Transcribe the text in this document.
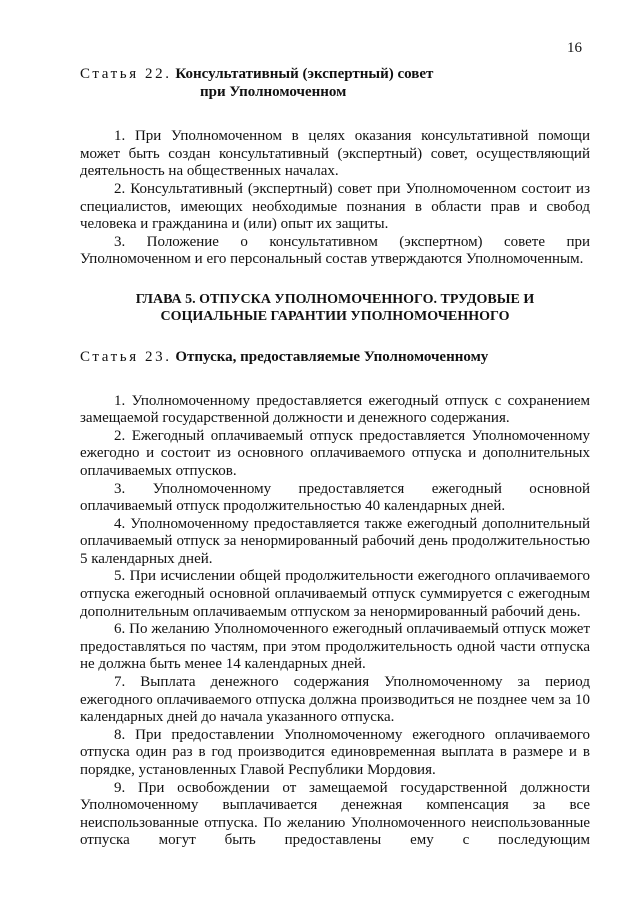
16

Статья 22. Консультативный (экспертный) совет
при Уполномоченном

1. При Уполномоченном в целях оказания консультативной помощи может быть создан консультативный (экспертный) совет, осуществляющий деятельность на общественных началах.

2. Консультативный (экспертный) совет при Уполномоченном состоит из специалистов, имеющих необходимые познания в области прав и свобод человека и гражданина и (или) опыт их защиты.

3. Положение о консультативном (экспертном) совете при Уполномоченном и его персональный состав утверждаются Уполномоченным.

ГЛАВА 5. ОТПУСКА УПОЛНОМОЧЕННОГО. ТРУДОВЫЕ И

СОЦИАЛЬНЫЕ ГАРАНТИИ УПОЛНОМОЧЕННОГО

Статья 23. Отпуска, предоставляемые Уполномоченному

1. Уполномоченному предоставляется ежегодный отпуск с сохранением замещаемой государственной должности и денежного содержания.

2. Ежегодный оплачиваемый отпуск предоставляется Уполномоченному ежегодно и состоит из основного оплачиваемого отпуска и дополнительных оплачиваемых отпусков.

3. Уполномоченному предоставляется ежегодный основной оплачиваемый отпуск продолжительностью 40 календарных дней.

4. Уполномоченному предоставляется также ежегодный дополнительный оплачиваемый отпуск за ненормированный рабочий день продолжительностью 5 календарных дней.

5. При исчислении общей продолжительности ежегодного оплачиваемого отпуска ежегодный основной оплачиваемый отпуск суммируется с ежегодным дополнительным оплачиваемым отпуском за ненормированный рабочий день.

6. По желанию Уполномоченного ежегодный оплачиваемый отпуск может предоставляться по частям, при этом продолжительность одной части отпуска не должна быть менее 14 календарных дней.

7. Выплата денежного содержания Уполномоченному за период ежегодного оплачиваемого отпуска должна производиться не позднее чем за 10 календарных дней до начала указанного отпуска.

8. При предоставлении Уполномоченному ежегодного оплачиваемого отпуска один раз в год производится единовременная выплата в размере и в порядке, установленных Главой Республики Мордовия.

9. При освобождении от замещаемой государственной должности Уполномоченному выплачивается денежная компенсация за все неиспользованные отпуска. По желанию Уполномоченного неиспользованные отпуска могут быть предоставлены ему с последующим
